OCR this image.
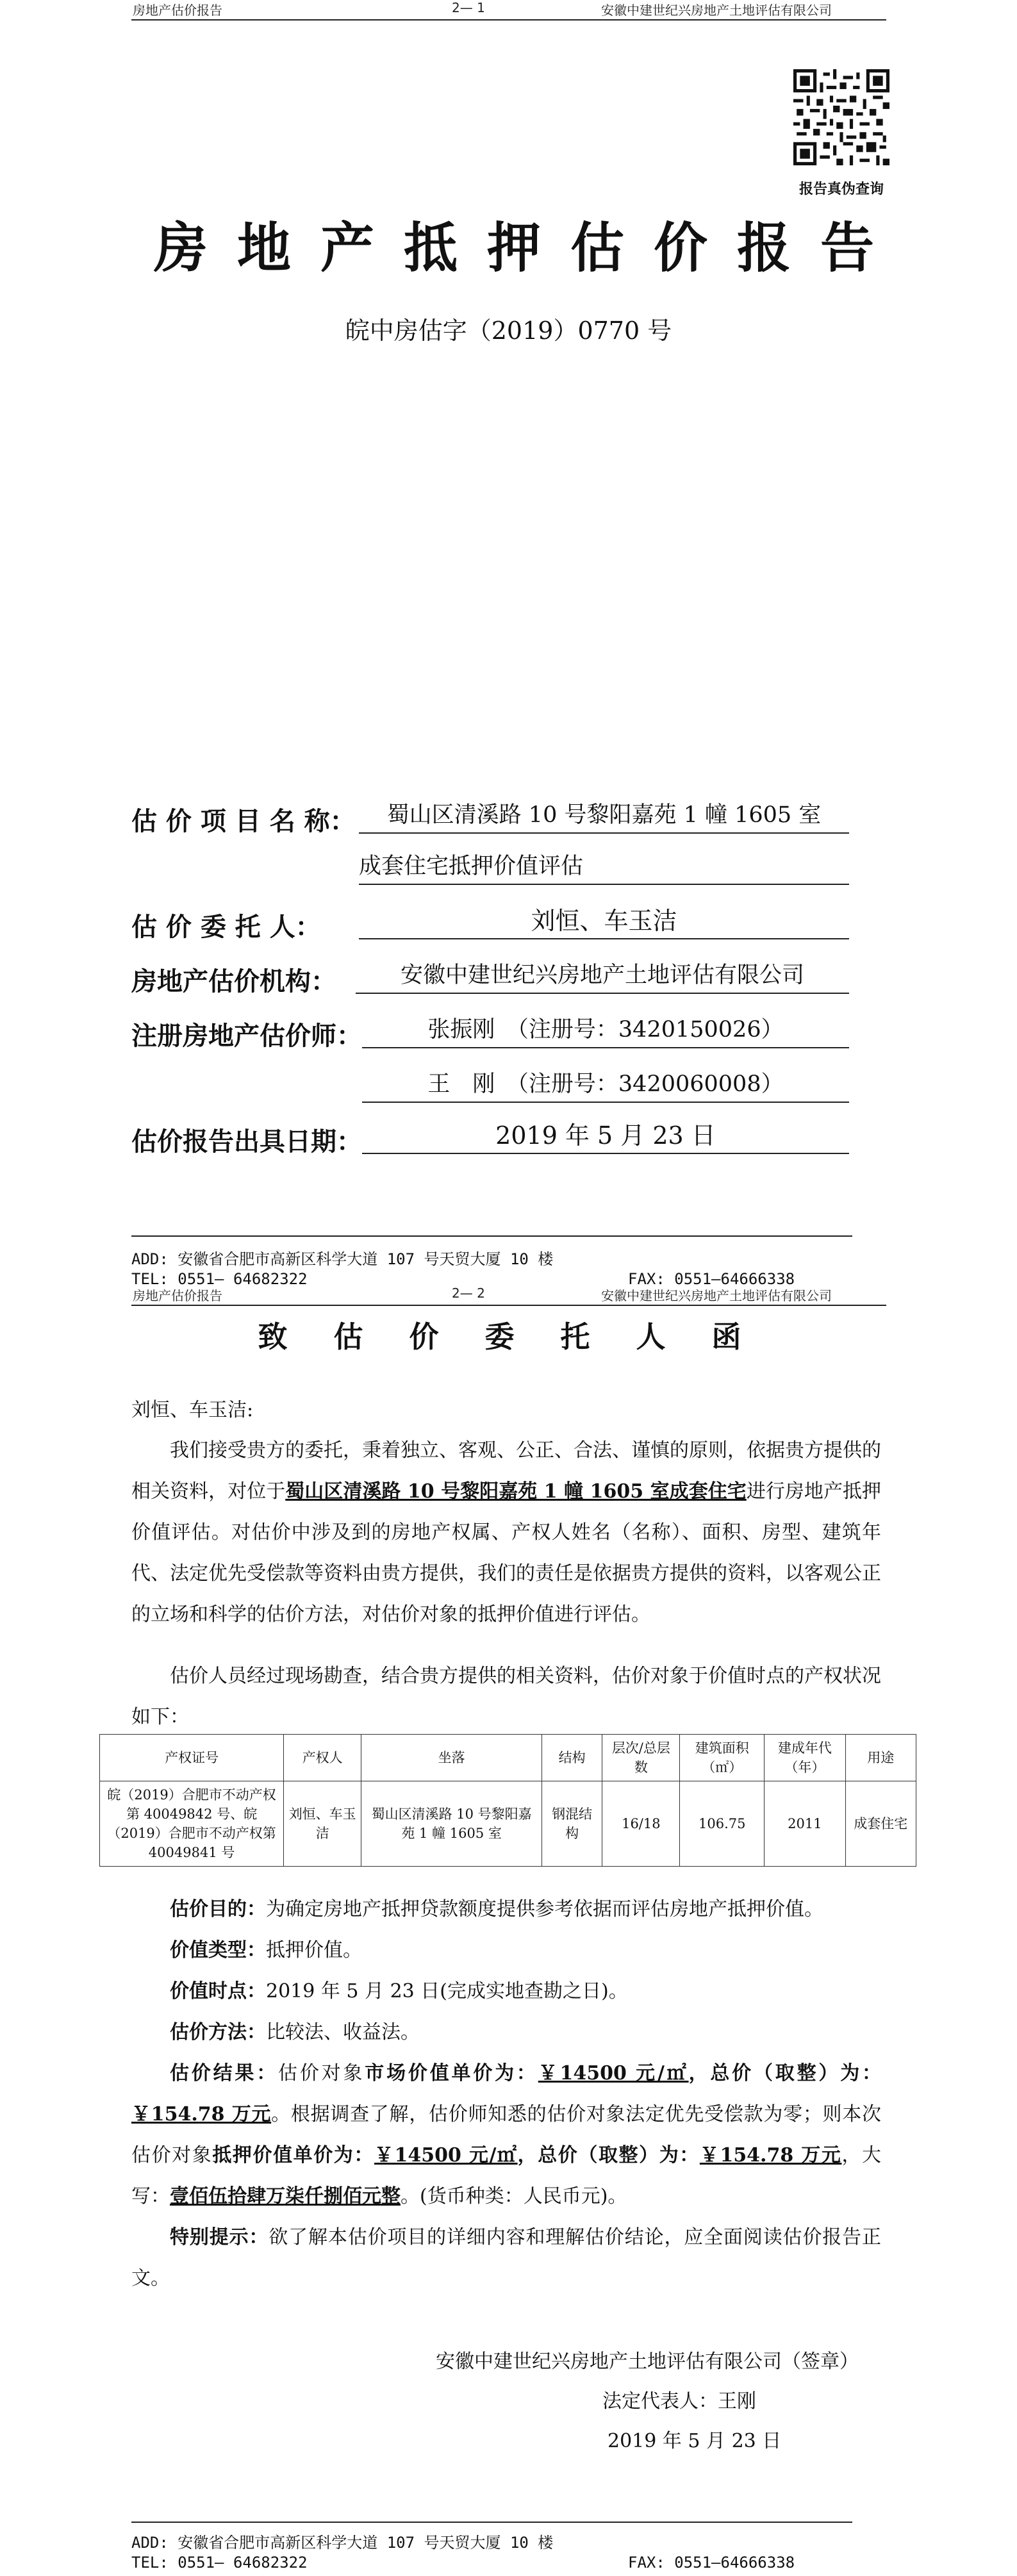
房地产估价报告	2— 1	安徽中建世纪兴房地产土地评估有限公司
报告真伪查询
房地产抵押估价报告
皖中房估字（2019）0770 号
估 价 项 目 名 称：	蜀山区清溪路 10 号黎阳嘉苑 1 幢 1605 室
成套住宅抵押价值评估
估 价 委 托 人：	刘恒、车玉洁
房地产估价机构：	安徽中建世纪兴房地产土地评估有限公司
注册房地产估价师：	张振刚　（注册号：3420150026）
王　刚　（注册号：3420060008）
估价报告出具日期：	2019 年 5 月 23 日
ADD: 安徽省合肥市高新区科学大道 107 号天贸大厦 10 楼
TEL: 0551— 64682322	FAX: 0551—64666338
房地产估价报告	2— 2	安徽中建世纪兴房地产土地评估有限公司
致 估 价 委 托 人 函
刘恒、车玉洁:
我们接受贵方的委托，秉着独立、客观、公正、合法、谨慎的原则，依据贵方提供的相关资料，对位于蜀山区清溪路 10 号黎阳嘉苑 1 幢 1605 室成套住宅进行房地产抵押价值评估。对估价中涉及到的房地产权属、产权人姓名（名称）、面积、房型、建筑年代、法定优先受偿款等资料由贵方提供，我们的责任是依据贵方提供的资料，以客观公正的立场和科学的估价方法，对估价对象的抵押价值进行评估。
估价人员经过现场勘查，结合贵方提供的相关资料，估价对象于价值时点的产权状况如下：
产权证号	产权人	坐落	结构	层次/总层数	建筑面积（㎡）	建成年代（年）	用途
皖（2019）合肥市不动产权第 40049842 号、皖（2019）合肥市不动产权第 40049841 号	刘恒、车玉洁	蜀山区清溪路 10 号黎阳嘉苑 1 幢 1605 室	钢混结构	16/18	106.75	2011	成套住宅
估价目的：为确定房地产抵押贷款额度提供参考依据而评估房地产抵押价值。
价值类型：抵押价值。
价值时点：2019 年 5 月 23 日(完成实地查勘之日)。
估价方法：比较法、收益法。
估价结果：估价对象市场价值单价为：￥14500 元/㎡，总价（取整）为：￥154.78 万元。根据调查了解，估价师知悉的估价对象法定优先受偿款为零；则本次估价对象抵押价值单价为：￥14500 元/㎡，总价（取整）为：￥154.78 万元，大写：壹佰伍拾肆万柒仟捌佰元整。(货币种类：人民币元)。
特别提示：欲了解本估价项目的详细内容和理解估价结论，应全面阅读估价报告正文。
安徽中建世纪兴房地产土地评估有限公司（签章）
法定代表人：王刚
2019 年 5 月 23 日
ADD: 安徽省合肥市高新区科学大道 107 号天贸大厦 10 楼
TEL: 0551— 64682322	FAX: 0551—64666338
